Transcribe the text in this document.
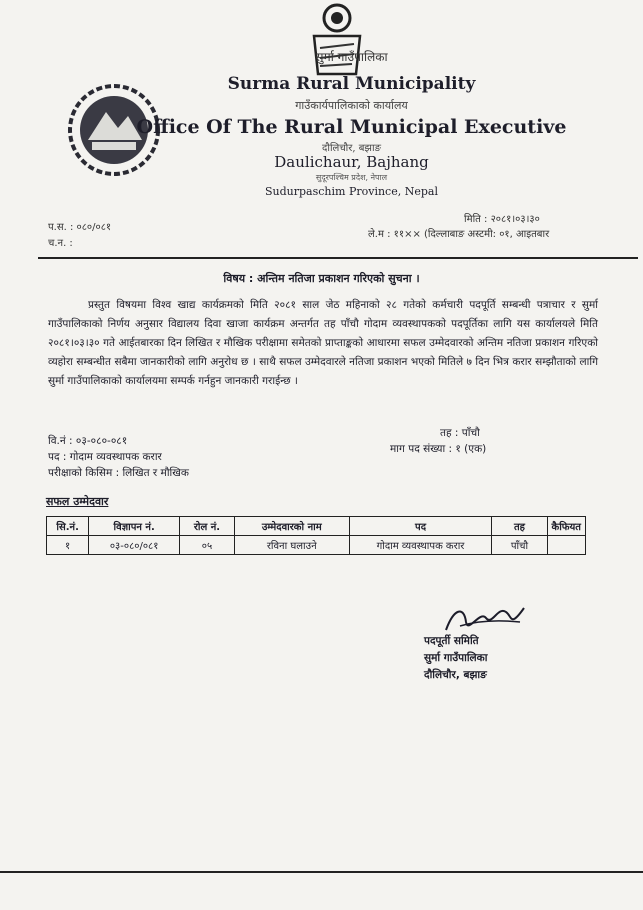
सुर्मा गाउँपालिका
Surma Rural Municipality
गाउँकार्यपालिकाको कार्यालय
Office Of The Rural Municipal Executive
दौलिचौर, बझाङ
Daulichaur, Bajhang
सुदूरपश्चिम प्रदेश, नेपाल
Sudurpaschim Province, Nepal
प.स. : ०८०/०८१
च.न. :
मिति : २०८१।०३।३०
ले.म : ११×× (दिल्लाबाङ अस्टमी: ०१, आइतबार
विषय : अन्तिम नतिजा प्रकाशन गरिएको सुचना ।
प्रस्तुत विषयमा विश्व खाद्य कार्यक्रमको मिति २०८१ साल जेठ महिनाको २८ गतेको कर्मचारी पदपूर्ति सम्बन्धी पत्राचार र सुर्मा गाउँपालिकाको निर्णय अनुसार विद्यालय दिवा खाजा कार्यक्रम अन्तर्गत तह पाँचौ गोदाम व्यवस्थापकको पदपूर्तिका लागि यस कार्यालयले मिति २०८१।०३।३० गते आईतबारका दिन लिखित र मौखिक परीक्षामा समेतको प्राप्ताङ्कको आधारमा सफल उम्मेदवारको अन्तिम नतिजा प्रकाशन गरिएको व्यहोरा सम्बन्धीत सबैमा जानकारीको लागि अनुरोध छ । साथै सफल उम्मेदवारले नतिजा प्रकाशन भएको मितिले ७ दिन भित्र करार सम्झौताको लागि सुर्मा गाउँपालिकाको कार्यालयमा सम्पर्क गर्नहुन जानकारी गराईन्छ ।
वि.नं : ०३-०८०-०८१
पद : गोदाम व्यवस्थापक करार
परीक्षाको किसिम : लिखित र मौखिक
तह : पाँचौ
माग पद संख्या : १ (एक)
सफल उम्मेदवार
सि.नं.	विज्ञापन नं.	रोल नं.	उम्मेदवारको नाम	पद	तह	कैफियत
१	०३-०८०/०८१	०५	रविना घलाउने	गोदाम व्यवस्थापक करार	पाँचौ	
पदपूर्ती समिति
सुर्मा गाउँपालिका
दौलिचौर, बझाङ
